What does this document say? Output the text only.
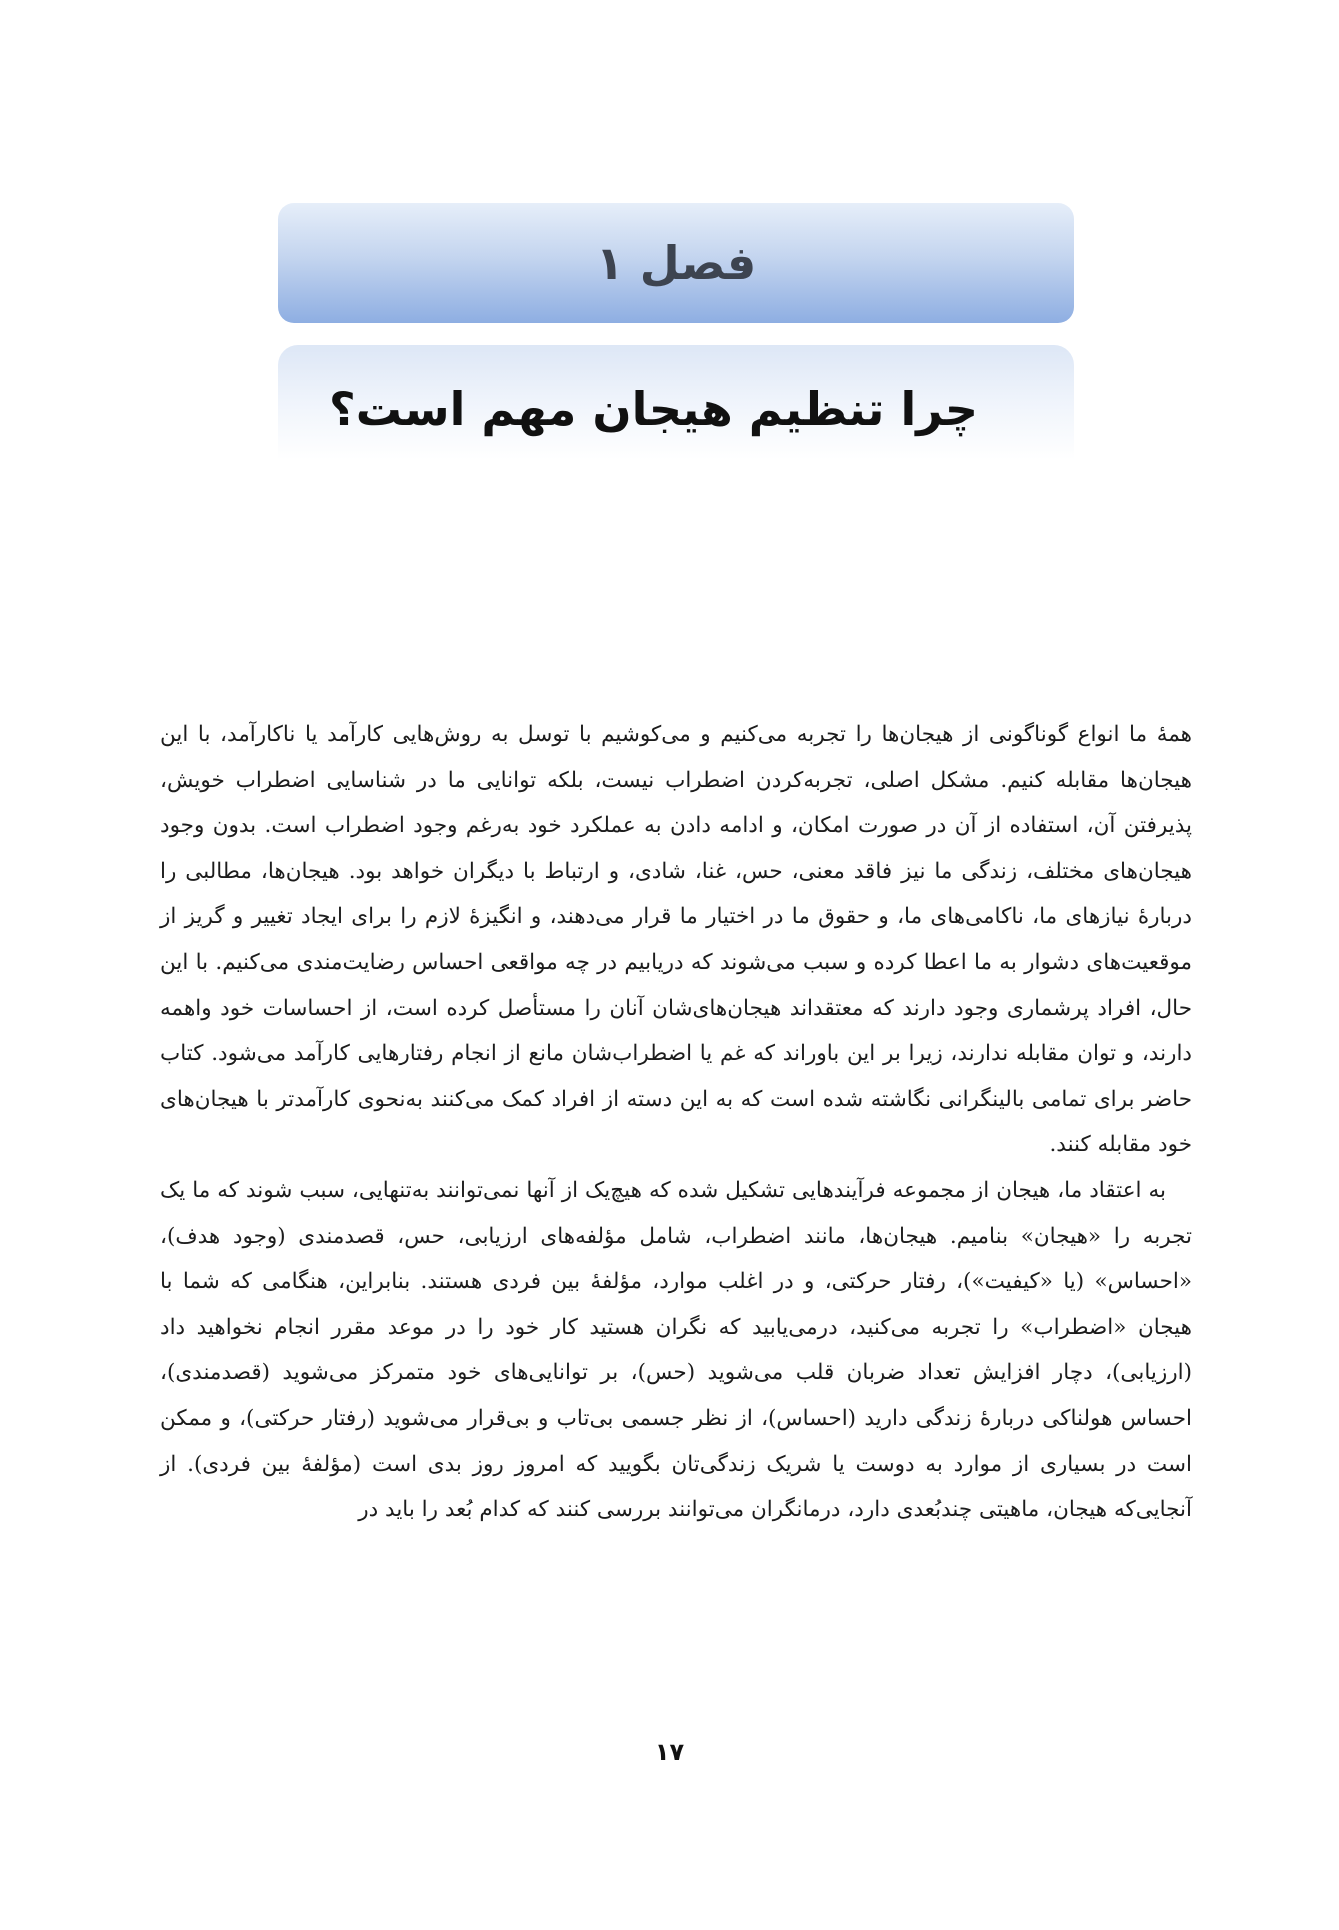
فصل ۱
چرا تنظیم هیجان مهم است؟

همهٔ ما انواع گوناگونی از هیجان‌ها را تجربه می‌کنیم و می‌کوشیم با توسل به روش‌هایی کارآمد یا ناکارآمد، با این هیجان‌ها مقابله کنیم. مشکل اصلی، تجربه‌کردن اضطراب نیست، بلکه توانایی ما در شناسایی اضطراب خویش، پذیرفتن آن، استفاده از آن در صورت امکان، و ادامه دادن به عملکرد خود به‌رغم وجود اضطراب است. بدون وجود هیجان‌های مختلف، زندگی ما نیز فاقد معنی، حس، غنا، شادی، و ارتباط با دیگران خواهد بود. هیجان‌ها، مطالبی را دربارهٔ نیازهای ما، ناکامی‌های ما، و حقوق ما در اختیار ما قرار می‌دهند، و انگیزهٔ لازم را برای ایجاد تغییر و گریز از موقعیت‌های دشوار به ما اعطا کرده و سبب می‌شوند که دریابیم در چه مواقعی احساس رضایت‌مندی می‌کنیم. با این حال، افراد پرشماری وجود دارند که معتقداند هیجان‌های‌شان آنان را مستأصل کرده است، از احساسات خود واهمه دارند، و توان مقابله ندارند، زیرا بر این باوراند که غم یا اضطراب‌شان مانع از انجام رفتارهایی کارآمد می‌شود. کتاب حاضر برای تمامی بالینگرانی نگاشته شده است که به این دسته از افراد کمک می‌کنند به‌نحوی کارآمدتر با هیجان‌های خود مقابله کنند.

به اعتقاد ما، هیجان از مجموعه فرآیندهایی تشکیل شده که هیچ‌یک از آنها نمی‌توانند به‌تنهایی، سبب شوند که ما یک تجربه را «هیجان» بنامیم. هیجان‌ها، مانند اضطراب، شامل مؤلفه‌های ارزیابی، حس، قصدمندی (وجود هدف)، «احساس» (یا «کیفیت»)، رفتار حرکتی، و در اغلب موارد، مؤلفهٔ بین فردی هستند. بنابراین، هنگامی که شما با هیجان «اضطراب» را تجربه می‌کنید، درمی‌یابید که نگران هستید کار خود را در موعد مقرر انجام نخواهید داد (ارزیابی)، دچار افزایش تعداد ضربان قلب می‌شوید (حس)، بر توانایی‌های خود متمرکز می‌شوید (قصدمندی)، احساس هولناکی دربارهٔ زندگی دارید (احساس)، از نظر جسمی بی‌تاب و بی‌قرار می‌شوید (رفتار حرکتی)، و ممکن است در بسیاری از موارد به دوست یا شریک زندگی‌تان بگویید که امروز روز بدی است (مؤلفهٔ بین فردی). از آنجایی‌که هیجان، ماهیتی چندبُعدی دارد، درمانگران می‌توانند بررسی کنند که کدام بُعد را باید در

۱۷
